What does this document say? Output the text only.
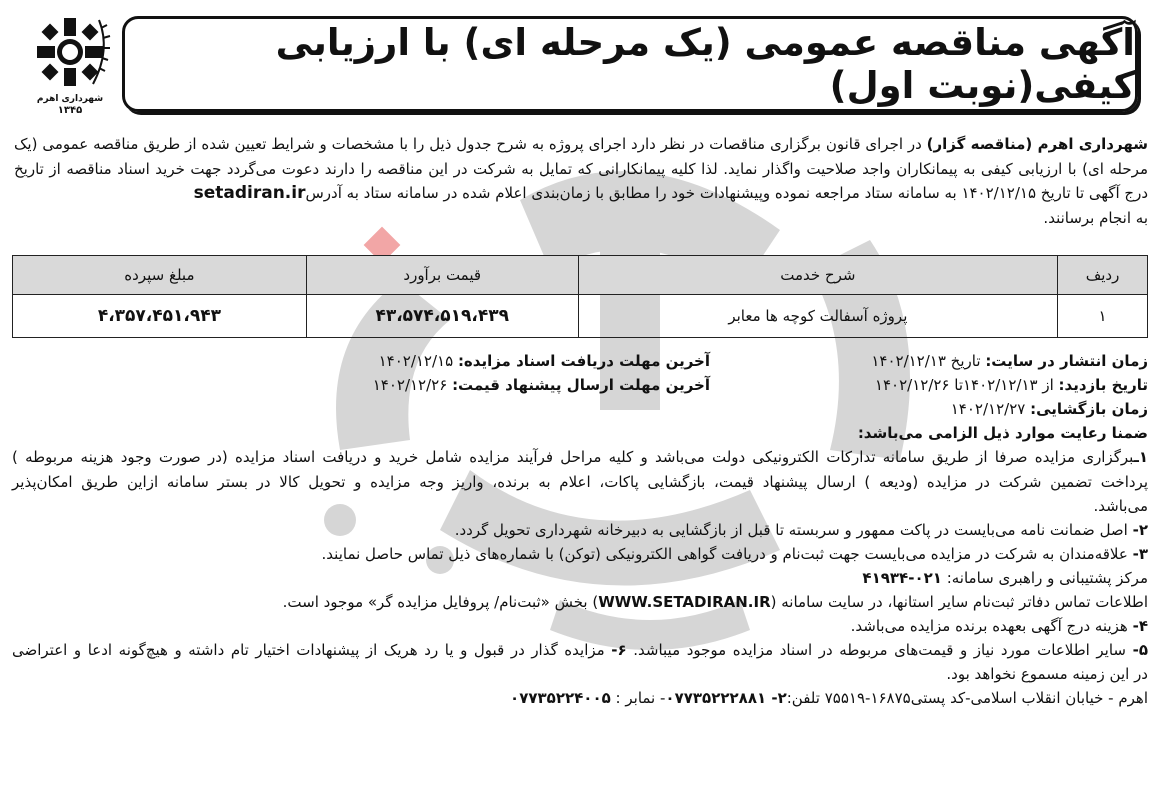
شهرداری اهرم
۱۳۴۵
آگهی مناقصه عمومی (یک مرحله ای) با ارزیابی کیفی(نوبت اول)
شهرداری اهرم (مناقصه گزار) در اجرای قانون برگزاری مناقصات در نظر دارد اجرای پروژه به شرح جدول ذیل را با مشخصات و شرایط تعیین شده از طریق مناقصه عمومی (یک مرحله ای) با ارزیابی کیفی به پیمانکاران واجد صلاحیت واگذار نماید. لذا کلیه پیمانکارانی که تمایل به شرکت در این مناقصه را دارند دعوت می‌گردد جهت خرید اسناد مناقصه از تاریخ درج آگهی تا تاریخ ۱۴۰۲/۱۲/۱۵ به سامانه ستاد مراجعه نموده وپیشنهادات خود را مطابق با زمان‌بندی اعلام شده در سامانه ستاد به آدرسsetadiran.ir
به انجام برسانند.
ردیف	شرح خدمت	قیمت برآورد	مبلغ سپرده
۱	پروژه آسفالت کوچه ها معابر	۴۳،۵۷۴،۵۱۹،۴۳۹	۴،۳۵۷،۴۵۱،۹۴۳
زمان انتشار در سایت: تاریخ ۱۴۰۲/۱۲/۱۳
آخرین مهلت دریافت اسناد مزایده: ۱۴۰۲/۱۲/۱۵
تاریخ بازدید: از ۱۴۰۲/۱۲/۱۳تا ۱۴۰۲/۱۲/۲۶
آخرین مهلت ارسال پیشنهاد قیمت: ۱۴۰۲/۱۲/۲۶
زمان بازگشایی: ۱۴۰۲/۱۲/۲۷
ضمنا رعایت موارد ذیل الزامی می‌باشد:
۱ـبرگزاری مزایده صرفا از طریق سامانه تدارکات الکترونیکی دولت می‌باشد و کلیه مراحل فرآیند مزایده شامل خرید و دریافت اسناد مزایده (در صورت وجود هزینه مربوطه )
پرداخت تضمین شرکت در مزایده (ودیعه ) ارسال پیشنهاد قیمت، بازگشایی پاکات، اعلام به برنده، واریز وجه مزایده و تحویل کالا در بستر سامانه ازاین طریق امکان‌پذیر
می‌باشد.
۲- اصل ضمانت نامه می‌بایست در پاکت ممهور و سربسته تا قبل از بازگشایی به دبیرخانه شهرداری تحویل گردد.
۳- علاقه‌مندان به شرکت در مزایده می‌بایست جهت ثبت‌نام و دریافت گواهی الکترونیکی (توکن) با شماره‌های ذیل تماس حاصل نمایند.
مرکز پشتیبانی و راهبری سامانه: ۰۲۱-۴۱۹۳۴
اطلاعات تماس دفاتر ثبت‌نام سایر استانها، در سایت سامانه (WWW.SETADIRAN.IR) بخش «ثبت‌نام/ پروفایل مزایده گر» موجود است.
۴- هزینه درج آگهی بعهده برنده مزایده می‌باشد.
۵- سایر اطلاعات مورد نیاز و قیمت‌های مربوطه در اسناد مزایده موجود میباشد. ۶- مزایده گذار در قبول و یا رد هریک از پیشنهادات اختیار تام داشته و هیچ‌گونه ادعا و اعتراضی
در این زمینه مسموع نخواهد بود.
اهرم - خیابان انقلاب اسلامی-کد پستی۱۶۸۷۵-۷۵۵۱۹ تلفن:۲- ۰۷۷۳۵۲۲۲۸۸۱- نمابر : ۰۷۷۳۵۲۲۴۰۰۵
